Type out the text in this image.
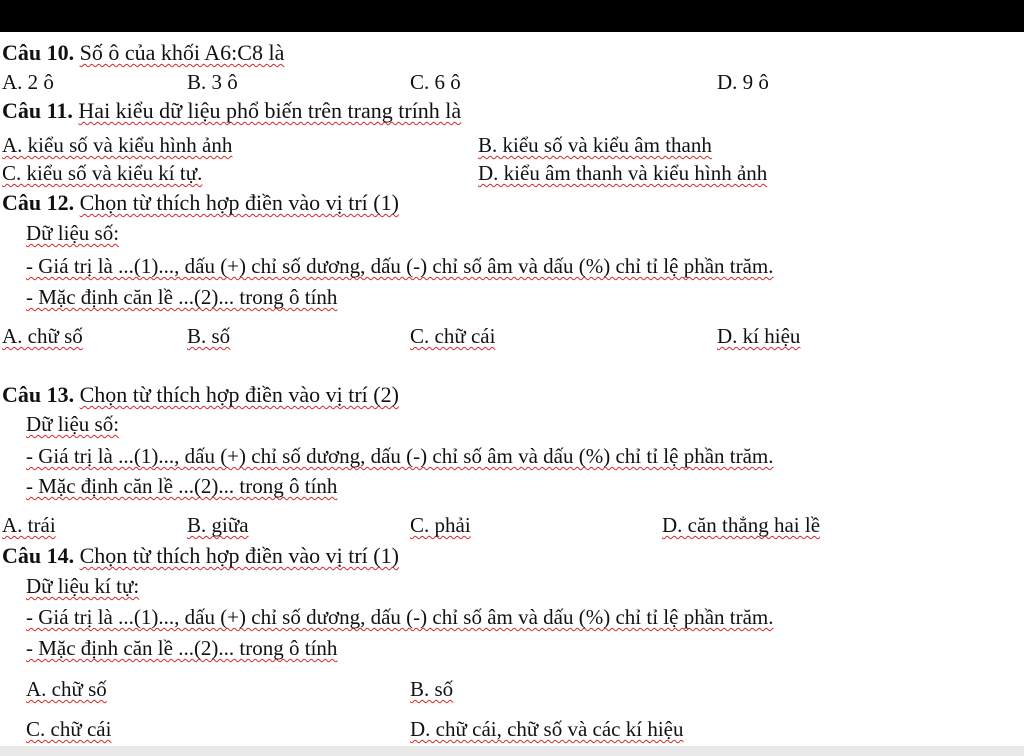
Câu 10. Số ô của khối A6:C8 là
A. 2 ô	B. 3 ô	C. 6 ô	D. 9 ô
Câu 11. Hai kiểu dữ liệu phổ biến trên trang trính là
A. kiểu số và kiểu hình ảnh	B. kiểu số và kiểu âm thanh
C. kiểu số và kiểu kí tự.	D. kiểu âm thanh và kiểu hình ảnh
Câu 12. Chọn từ thích hợp điền vào vị trí (1)
Dữ liệu số:
- Giá trị là ...(1)..., dấu (+) chỉ số dương, dấu (-) chỉ số âm và dấu (%) chỉ tỉ lệ phần trăm.
- Mặc định căn lề ...(2)... trong ô tính
A. chữ số	B. số	C. chữ cái	D. kí hiệu
Câu 13. Chọn từ thích hợp điền vào vị trí (2)
Dữ liệu số:
- Giá trị là ...(1)..., dấu (+) chỉ số dương, dấu (-) chỉ số âm và dấu (%) chỉ tỉ lệ phần trăm.
- Mặc định căn lề ...(2)... trong ô tính
A. trái	B. giữa	C. phải	D. căn thẳng hai lề
Câu 14. Chọn từ thích hợp điền vào vị trí (1)
Dữ liệu kí tự:
- Giá trị là ...(1)..., dấu (+) chỉ số dương, dấu (-) chỉ số âm và dấu (%) chỉ tỉ lệ phần trăm.
- Mặc định căn lề ...(2)... trong ô tính
A. chữ số	B. số
C. chữ cái	D. chữ cái, chữ số và các kí hiệu
